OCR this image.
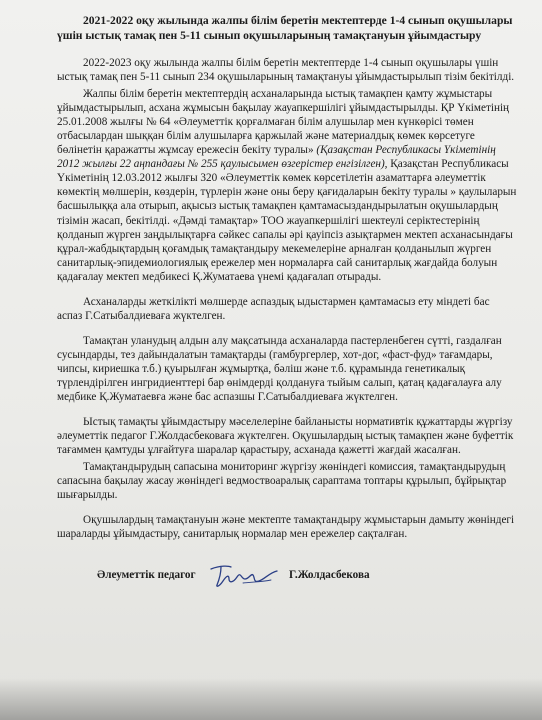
2021-2022 оқу жылында жалпы білім беретін мектептерде 1-4 сынып оқушылары үшін ыстық тамақ пен 5-11 сынып оқушыларының тамақтануын ұйымдастыру

2022-2023 оқу жылында жалпы білім беретін мектептерде 1-4 сынып оқушылары үшін ыстық тамақ пен 5-11 сынып 234 оқушыларының тамақтануы ұйымдастырылып тізім бекітілді.

Жалпы білім беретін мектептердің асханаларында ыстық тамақпен қамту жұмыстары ұйымдастырылып, асхана жұмысын бақылау жауапкершілігі ұйымдастырылды. ҚР Үкіметінің 25.01.2008 жылғы № 64 «Әлеуметтік қорғалмаған білім алушылар мен күнкөрісі төмен отбасылардан шыққан білім алушыларға қаржылай және материалдық көмек көрсетуге бөлінетін қаражатты жұмсау ережесін бекіту туралы» (Қазақстан Республикасы Үкіметінің 2012 жылғы 22 аңпандағы № 255 қаулысымен өзгерістер енгізілген), Қазақстан Республикасы Үкіметінің 12.03.2012 жылғы 320 «Әлеуметтік көмек көрсетілетін азаматтарға әлеуметтік көмектің мөлшерін, көздерін, түрлерін және оны беру қағидаларын бекіту туралы » қаулыларын басшылыққа ала отырып, ақысыз ыстық тамақпен қамтамасыздандырылатын оқушылардың тізімін жасап, бекітілді. «Дәмді тамақтар» ТОО жауапкершілігі шектеулі серіктестерінің қолданып жүрген заңдылықтарға сәйкес сапалы әрі қауіпсіз азықтармен мектеп асханасындағы құрал-жабдықтардың қоғамдық тамақтандыру мекемелеріне арналған қолданылып жүрген санитарлық-эпидемиологиялық ережелер мен нормаларға сай санитарлық жағдайда болуын қадағалау мектеп медбикесі Қ.Жуматаева үнемі қадағалап отырады.

Асханаларды жеткілікті мөлшерде аспаздық ыдыстармен қамтамасыз ету міндеті бас аспаз Г.Сатыбалдиеваға жүктелген.

Тамақтан уланудың алдын алу мақсатында асханаларда пастерленбеген сүтті, газдалған сусындарды, тез дайындалатын тамақтарды (гамбургерлер, хот-дог, «фаст-фуд» тағамдары, чипсы, кириешка т.б.) қуырылған жұмыртқа, бәліш және т.б. құрамында генетикалық түрлендірілген ингридиенттері бар өнімдерді қолдануға тыйым салып, қатаң қадағалауға алу медбике Қ.Жуматаевға және бас аспазшы Г.Сатыбалдиеваға жүктелген.

Ыстық тамақты ұйымдастыру мәселелеріне байланысты нормативтік құжаттарды жүргізу әлеуметтік педагог Г.Жолдасбековаға жүктелген. Оқушылардың ыстық тамақпен және буфеттік тағаммен қамтуды ұлғайтуға шаралар қарастыру, асханада қажетті жағдай жасалған.

Тамақтандырудың сапасына мониторинг жүргізу жөніндегі комиссия, тамақтандырудың сапасына бақылау жасау жөніндегі ведмоствоаралық сараптама топтары құрылып, бұйрықтар шығарылды.

Оқушылардың тамақтануын және мектепте тамақтандыру жұмыстарын дамыту жөніндегі шараларды ұйымдастыру, санитарлық нормалар мен ережелер сақталған.

Әлеуметтік педагог	Г.Жолдасбекова
